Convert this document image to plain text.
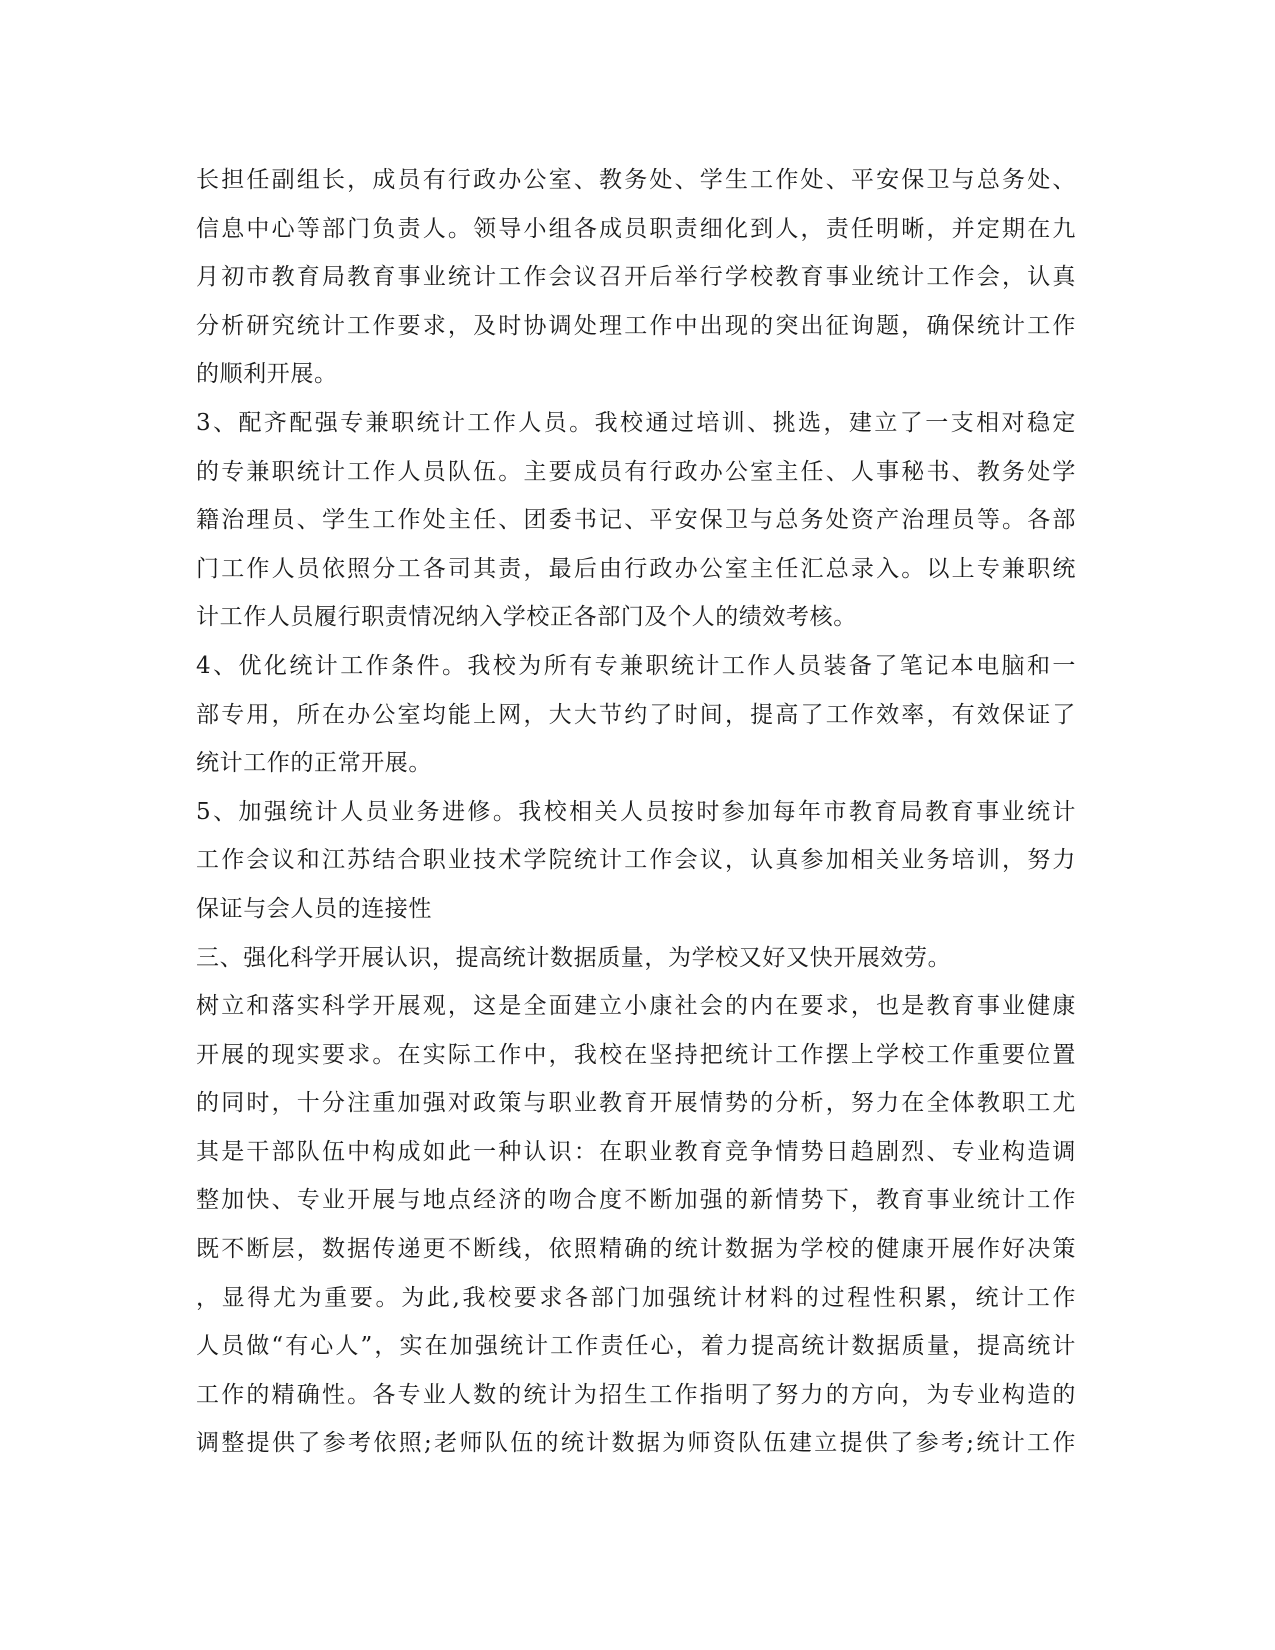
长担任副组长，成员有行政办公室、教务处、学生工作处、平安保卫与总务处、
信息中心等部门负责人。领导小组各成员职责细化到人，责任明晰，并定期在九
月初市教育局教育事业统计工作会议召开后举行学校教育事业统计工作会，认真
分析研究统计工作要求，及时协调处理工作中出现的突出征询题，确保统计工作
的顺利开展。
3、配齐配强专兼职统计工作人员。我校通过培训、挑选，建立了一支相对稳定
的专兼职统计工作人员队伍。主要成员有行政办公室主任、人事秘书、教务处学
籍治理员、学生工作处主任、团委书记、平安保卫与总务处资产治理员等。各部
门工作人员依照分工各司其责，最后由行政办公室主任汇总录入。以上专兼职统
计工作人员履行职责情况纳入学校正各部门及个人的绩效考核。
4、优化统计工作条件。我校为所有专兼职统计工作人员装备了笔记本电脑和一
部专用，所在办公室均能上网，大大节约了时间，提高了工作效率，有效保证了
统计工作的正常开展。
5、加强统计人员业务进修。我校相关人员按时参加每年市教育局教育事业统计
工作会议和江苏结合职业技术学院统计工作会议，认真参加相关业务培训，努力
保证与会人员的连接性
三、强化科学开展认识，提高统计数据质量，为学校又好又快开展效劳。
树立和落实科学开展观，这是全面建立小康社会的内在要求，也是教育事业健康
开展的现实要求。在实际工作中，我校在坚持把统计工作摆上学校工作重要位置
的同时，十分注重加强对政策与职业教育开展情势的分析，努力在全体教职工尤
其是干部队伍中构成如此一种认识：在职业教育竞争情势日趋剧烈、专业构造调
整加快、专业开展与地点经济的吻合度不断加强的新情势下，教育事业统计工作
既不断层，数据传递更不断线，依照精确的统计数据为学校的健康开展作好决策
，显得尤为重要。为此,我校要求各部门加强统计材料的过程性积累，统计工作
人员做“有心人”，实在加强统计工作责任心，着力提高统计数据质量，提高统计
工作的精确性。各专业人数的统计为招生工作指明了努力的方向，为专业构造的
调整提供了参考依照;老师队伍的统计数据为师资队伍建立提供了参考;统计工作
